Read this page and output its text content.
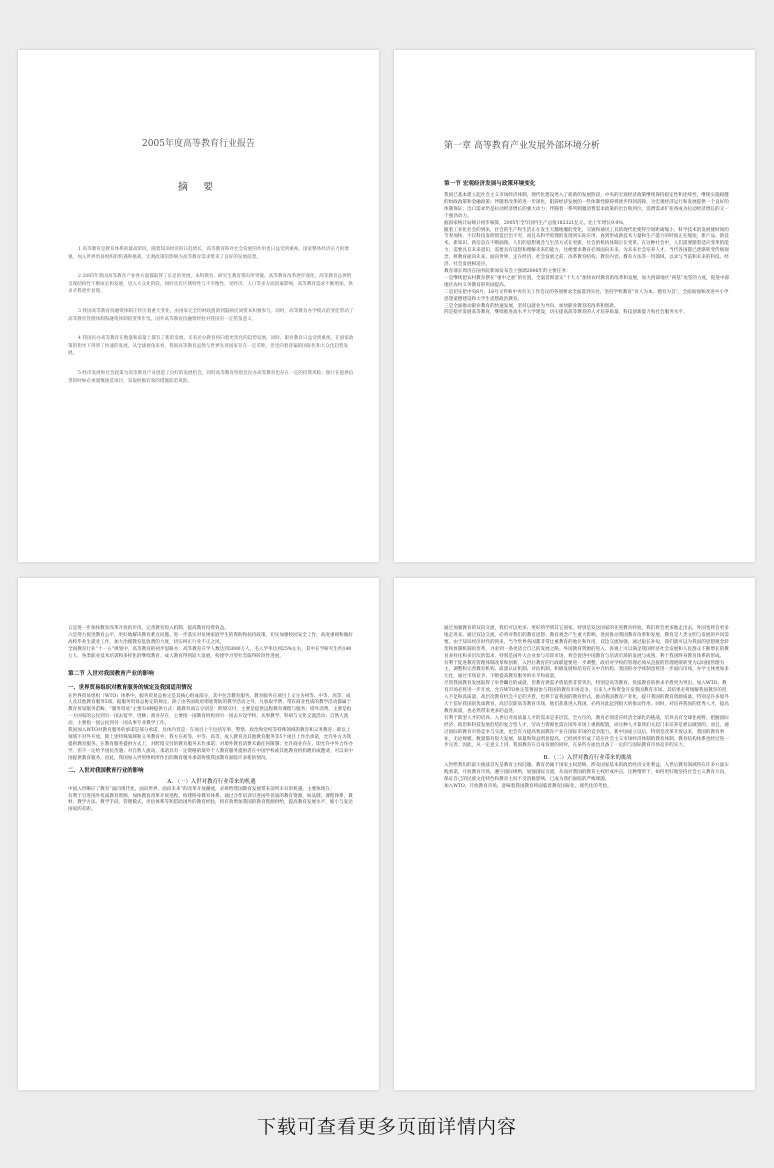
2005年度高等教育行业报告
摘 要

1 高等教育是教育体系的最高阶段，随着知识经济的日趋增长，高等教育和对社会发展的作用也日益受到重视。国家整体经济实力的增强，加入世界贸易组织的机遇和挑战，宏观政策的影响为高等教育需求带来了良好的发展前景。

2 2005年我国高等教育产业各方面都取得了长足的进展，本科教育、研究生教育都有所突破。高等教育改革逐步深化，高等教育总供给呈现结构性不断成长和发展，进入大众化阶段，同时具有区域特性与不平衡性，受经济、人口等多方面因素影响，高等教育需求不断增加，供求矛盾逐步显现。

3 我国高等教育投融资体制正经历着重大变化，由国家完全的财政拨款到鼓励民间资本积极参与。同时，高等教育办学模式的变化带动了高等教育管理体制和融资体制的变革步伐。国外高等教育投融资经验对我国有一定借鉴意义。

4 我国民办高等教育在数量和质量上都有了新的发展，未来民办教育将向着更优化的趋势发展。同时，职业教育日益受到重视，在国家政策的指导下得到了快速的发展。从全球视角来看，我国高等教育虽然与世界先进国家存在一定差距，但也向着普遍的国际化和大众化趋势发展。

5 经济发展和社会政策为高等教育产业创造了良好的发展机会，同时高等教育特别是民办高等教育也存在一定的投资风险，银行在提供信贷的时候必须谨慎挑选项目，采取积极有效的措施防范风险。

第一章 高等教育产业发展外部环境分析
第一节 宏观经济发展与政策环境变化

我国已基本建立起社会主义市场经济体制，现代化建设进入了崭新的发展阶段，中央的宏观经济政策继续保持稳定性和连续性，继续实施稳健的财政政策和金融政策；伴随着改革的进一步深化，阻碍经济发展的一些体制性障碍将逐步得到消除，为宏观经济运行和发展提供一个良好的体制保证；出口需求仍是拉动经济增长的强大动力；伴随着一系列刺激消费需求政策的出台和到位，消费需求扩张将成为拉动经济增长的又一个强劲动力。

据国家统计局统计初步核算，2005年全年国内生产总值182321亿元，比上年增长9.9%。

随着工业化社会的到来，社会的生产和生活正在发生天翻地覆的变化，交通和通讯工具的现代化使得空间距离缩小，科学技术的发展使时间的节奏加快，不仅科技发明创造层出不穷，而且从科学原理的发现到实际应用，再到形成新技术力量和生产能力的时间正在缩短，新产品、新技术、新知识、新信息在不断涌现。人们的思想观念与生活方式在更新，社会的机构体制正在变革。在这种社会中，人们需要随着适应变革的能力，需要具有未来意识，需要具有设想和理解未来的能力，这便要求教育必须面向未来，为未来社会培养人才。当代各国都已逐渐转变传统观念，将教育面向未来，面向世界，走在经济、社会发展之前，改革教育结构、教育内容、教育方法等一切领域，以求与当前和未来的科技、经济、社会发展相适应。

教育部长周济在国务院新闻发布会上强调2006年的主要任务：

一是继续把农村教育摆在“重中之重”的位置，全面贯彻落实“十大力”加快农村教育的改革和发展，加大西部地区“两基”攻坚的力度，促进中部地区农村义务教育的巩固提高。

二是切实把中央8号、16号文件和中央有关工作会议的各项要求全面落到实处，坚持学校教育“育人为本、德育为首”，全面加强和改进中小学思想道德建设和大学生思想政治教育。

三是全面推动职业教育的快速发展，坚持以就业为导向，加快职业教育的改革和创新。

四是稳步发展高等教育，继续推进高水平大学建设，切实提高高等教育的人才培养质量、科技创新能力和社会服务水平。

五是进一步加快教育改革开放的步伐，完善教育投入机制，提高教育投资效益。

六是努力促进教育公平，更好地解决教育难点问题。进一步落实对贫困家庭学生的资助和扶持政策，切实加强校园安全工作，高度重视和做好高校毕业生就业工作，加大治理教育乱收费的力度，切实纠正行业不正之风。

全国教育行业“十一五”规划中，高等教育的初步思路为：高等教育在学人数达到3000万人，毛入学率达到25%左右，其中在学研究生约140万人，各类职业技术培训和多样化的继续教育、成人教育得到较大发展，构建学习型社会取得阶段性进展。

第二节 入世对我国教育产业的影响
一、世界贸易组织对教育服务的规定及我国适用情况

在世界贸易组织（WTO）体系中，服务贸易总协定是其核心组成部分，其中包含教育服务。教育服务在项目上又分为初等、中等、高等、成人及其他教育服务5项。据服务贸易总协定的规定，除了由各国政府彻底资助的教学活动之外，凡收取学费、带有商业性质的教学活动都属于教育贸易服务范畴。“服务贸易”主要有4种提供方式：就教育而言分别是：跨境交付，主要是提供远程教育课程与服务；境外消费，主要是指一方国家的公民到另一国去留学、进修；商业存在，主要指一国教育机构到另一国去开设学校，从事教学、科研与文化交流活动；自然人流动，主要指一国公民到另一国从事专业教学工作。

我国加入WTO对教育服务的承诺是部分承诺，具体内容是：在项目上不包括军事、警察、政治和党校等特殊领域的教育和义务教育；即以上领域不对外开放，除上述特殊领域和义务教育外，我方在初等、中等、高等、成人教育及其他教育服务等5个项目上作出承诺，允许外方为我提供教育服务。在教育服务提供方式上，对跨境交付的教育服务未作承诺；对境外教育消费未做任何限制；允许商业存在，即允许中外合作办学，但不一定给予国民待遇；对自然人流动，承诺具有一定资格的境外个人教育服务提供者在中国学校或其他教育机构聘用或邀请，可以来中国提供教育服务。因此，我国加入世贸组织所作出的教育服务承诺将使我国教育面临许多新的情况。

二、入世对我国教育行业的影响
A. （一）入世对教育行业带来的机遇

中国入世顺应了教育“面向现代化，面向世界，面向未来”的改革开放潮流，必将给我国教育发展带来前所未有的机遇。主要体现在：

有利于引进国外优质教育资源，加快教育改革开放进程，构建终身教育体系。通过合作培训引进国外优质的教育资源，如品牌、课程体系、教材、教学方法、教学手段、管理模式、评估体系等和借助国外的教育经验，将有效增加我国的教育资源供给，提高教育发展水平，缩小与发达国家的差距。

通过加强教育的双向交流，我们可以更多、更好的学到其它国家，特别是发达国家的先进教育经验。我们将会更多地走出去，外国也将会更多地走进来。通过双边交流，必将对我们的教育思想、教育观念产生重大影响，进而推动我国教育改革和发展，教育是人类文明与发展的共同需要。由于知识经济时代的到来，当今世界各国都非常注重教育的地位和作用，双边交流加强，通过取长补短，我们就可以为我国的思想观念转变和体制机制的变革，寻求到一条更适合自己的发展之路。外国教育资源的进入，客观上可以满足我国经济社会发展和人民群众不断增长的教育多样化和多层次的需求，特别是国外大企业参与培训市场，将会促进中国教育与培训市场的发展与成熟，利于我国终身教育体系的形成。

有利于促进教育管理体制改革和创新，入世后教育的行政职能要进一步调整，政府对学校的管理必须从直接的管理逐渐转变为以间接管理为主，调整和完善教育机构、质量认证机制、评估机制，积极发展和培育有关中介机构，我国的办学体制也将进一步面向市场，办学主体更加多元化，通过市场竞争，不断提高教育服务的水平和质量。

尽管我国教育发展取得了举世瞩目的成就，但教育供需矛盾依然非常突出，特别是高等教育、优质教育的供求矛盾更为突出。加入WTO，教育市场必将进一步开放，允许WTO协定签署国参与我国的教育市场竞争，引来人才和资金开发我国教育市场。其结果必将缓解我国教育的投入不足和高质量、高层次教育机会不足的矛盾，也将丰富我国的教育形式，推动我国教育产业化，提升我国的教育资源质量。特别是许多境外大十倍好我国的优质教育、高层次即高等教育市场，他们获准进入我国，必将对此起到很大的推动作用。同时，对培养我国的优秀人才，提高教育质量，也必然带来更多的益处。

有利于新型人才的培养。入世后对高质量人才的需求是多层次、全方位的，教育必须适应经济全球化的挑战，培养具有全球化视野、把握国际经济、政治和科技发展趋势的复合型人才，劳动力资源也需在国外市场上重新配置，而这种人才靠我们关起门来培养是难以做到的。而且，通过国际的教育市场竞争与交流，也会有力提高我国教育产业在国际市场的竞争能力。新中国成立以后，特别是改革开放以来，我国的教育事业，无论规模、数量都有很大发展，质量和效益明显提高，已经初步形成了适应社会主义市场经济体制的教育体制，教育结构体系也经过进一步完善。因此，从一定意义上讲，我国教育在自身发展的同时，在某些方面也具备了一定的与国际教育市场竞争的实力。

B. （二）入世对教育行业带来的挑战

入世给我们的最大挑战首先是教育主权问题。教育仍属于国家主权范畴，涉及国家基本的政治经济文化利益，入世后教育领域将在许多方面实践承诺，开放教育市场，遵守国际规则，加强国际交流，从而对我国的教育主权形成冲击，这种情形下，如何更好地坚持社会主义教育方向，保证自己的民族文化特色和教育主权不受消极影响，已成为我们面临的严峻课题。

加入WTO，开放教育市场，意味着我国教育将面临着教育国际化、现代化的考验。

下载可查看更多页面详情内容
